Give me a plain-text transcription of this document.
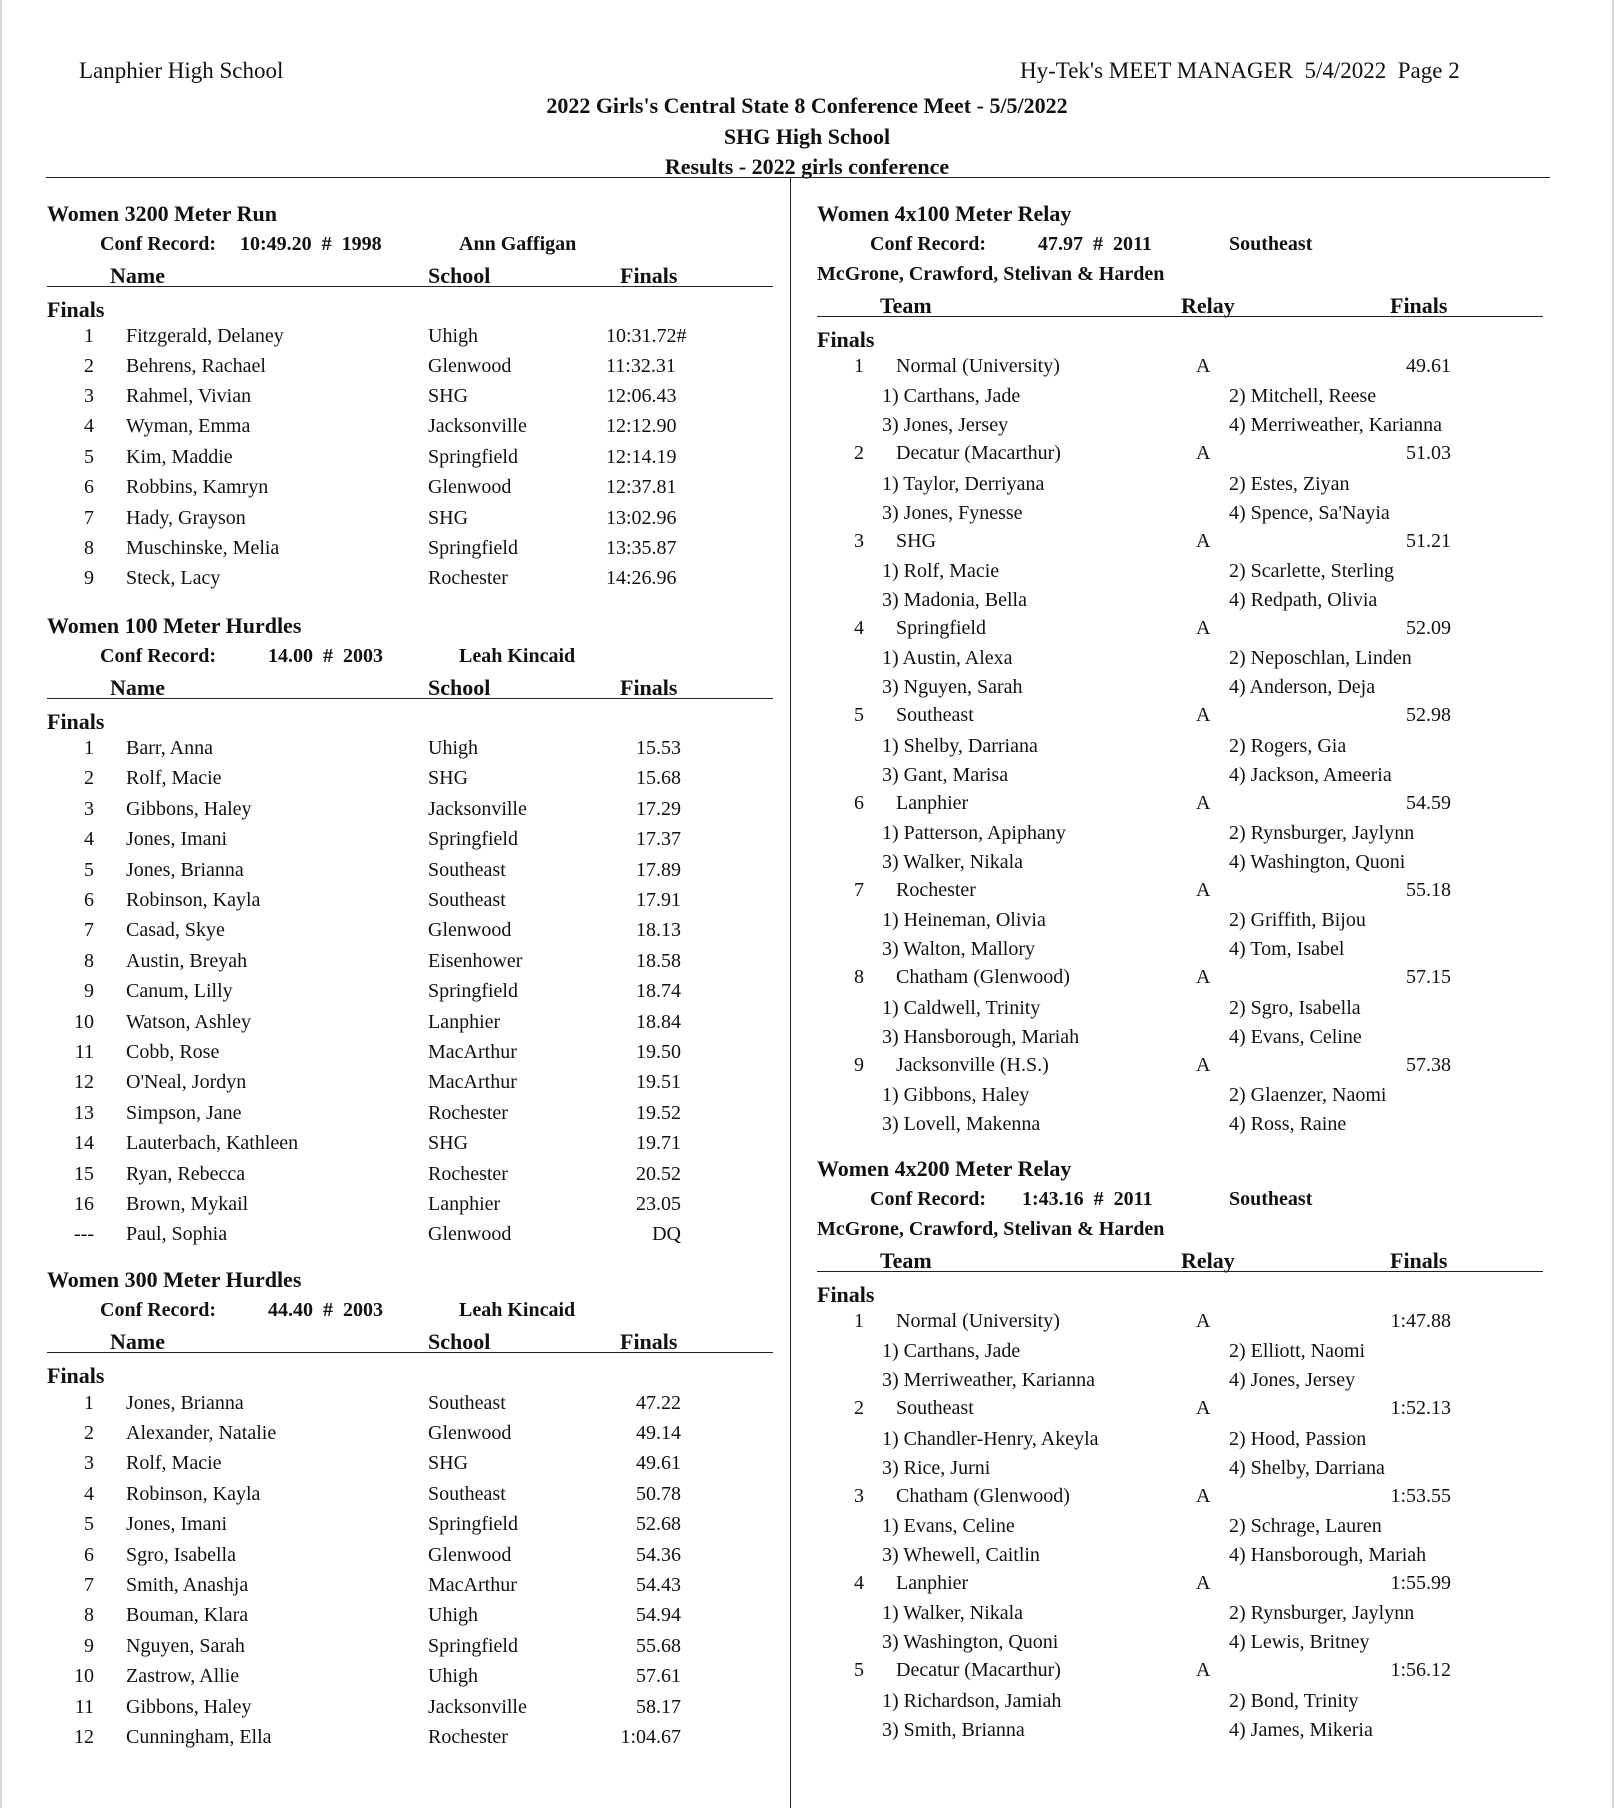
Lanphier High School	Hy-Tek's MEET MANAGER  5/4/2022  Page 2
2022 Girls's Central State 8 Conference Meet - 5/5/2022
SHG High School
Results - 2022 girls conference
Women 3200 Meter Run
Conf Record: 10:49.20  #  1998	Ann Gaffigan
Name	School	Finals
Finals
1 Fitzgerald, Delaney	Uhigh	10:31.72#
2 Behrens, Rachael	Glenwood	11:32.31
3 Rahmel, Vivian	SHG	12:06.43
4 Wyman, Emma	Jacksonville	12:12.90
5 Kim, Maddie	Springfield	12:14.19
6 Robbins, Kamryn	Glenwood	12:37.81
7 Hady, Grayson	SHG	13:02.96
8 Muschinske, Melia	Springfield	13:35.87
9 Steck, Lacy	Rochester	14:26.96
Women 100 Meter Hurdles
Conf Record:	14.00  #  2003	Leah Kincaid
Name	School	Finals
Finals
1 Barr, Anna	Uhigh	15.53
2 Rolf, Macie	SHG	15.68
3 Gibbons, Haley	Jacksonville	17.29
4 Jones, Imani	Springfield	17.37
5 Jones, Brianna	Southeast	17.89
6 Robinson, Kayla	Southeast	17.91
7 Casad, Skye	Glenwood	18.13
8 Austin, Breyah	Eisenhower	18.58
9 Canum, Lilly	Springfield	18.74
10 Watson, Ashley	Lanphier	18.84
11 Cobb, Rose	MacArthur	19.50
12 O'Neal, Jordyn	MacArthur	19.51
13 Simpson, Jane	Rochester	19.52
14 Lauterbach, Kathleen	SHG	19.71
15 Ryan, Rebecca	Rochester	20.52
16 Brown, Mykail	Lanphier	23.05
--- Paul, Sophia	Glenwood	DQ
Women 300 Meter Hurdles
Conf Record:	44.40  #  2003	Leah Kincaid
Name	School	Finals
Finals
1 Jones, Brianna	Southeast	47.22
2 Alexander, Natalie	Glenwood	49.14
3 Rolf, Macie	SHG	49.61
4 Robinson, Kayla	Southeast	50.78
5 Jones, Imani	Springfield	52.68
6 Sgro, Isabella	Glenwood	54.36
7 Smith, Anashja	MacArthur	54.43
8 Bouman, Klara	Uhigh	54.94
9 Nguyen, Sarah	Springfield	55.68
10 Zastrow, Allie	Uhigh	57.61
11 Gibbons, Haley	Jacksonville	58.17
12 Cunningham, Ella	Rochester	1:04.67
Women 4x100 Meter Relay
Conf Record:	47.97  #  2011	Southeast
McGrone, Crawford, Stelivan & Harden
Team	Relay	Finals
Finals
1 Normal (University)	A	49.61
1) Carthans, Jade	2) Mitchell, Reese
3) Jones, Jersey	4) Merriweather, Karianna
2 Decatur (Macarthur)	A	51.03
1) Taylor, Derriyana	2) Estes, Ziyan
3) Jones, Fynesse	4) Spence, Sa'Nayia
3 SHG	A	51.21
1) Rolf, Macie	2) Scarlette, Sterling
3) Madonia, Bella	4) Redpath, Olivia
4 Springfield	A	52.09
1) Austin, Alexa	2) Neposchlan, Linden
3) Nguyen, Sarah	4) Anderson, Deja
5 Southeast	A	52.98
1) Shelby, Darriana	2) Rogers, Gia
3) Gant, Marisa	4) Jackson, Ameeria
6 Lanphier	A	54.59
1) Patterson, Apiphany	2) Rynsburger, Jaylynn
3) Walker, Nikala	4) Washington, Quoni
7 Rochester	A	55.18
1) Heineman, Olivia	2) Griffith, Bijou
3) Walton, Mallory	4) Tom, Isabel
8 Chatham (Glenwood)	A	57.15
1) Caldwell, Trinity	2) Sgro, Isabella
3) Hansborough, Mariah	4) Evans, Celine
9 Jacksonville (H.S.)	A	57.38
1) Gibbons, Haley	2) Glaenzer, Naomi
3) Lovell, Makenna	4) Ross, Raine
Women 4x200 Meter Relay
Conf Record: 1:43.16  #  2011	Southeast
McGrone, Crawford, Stelivan & Harden
Team	Relay	Finals
Finals
1 Normal (University)	A	1:47.88
1) Carthans, Jade	2) Elliott, Naomi
3) Merriweather, Karianna	4) Jones, Jersey
2 Southeast	A	1:52.13
1) Chandler-Henry, Akeyla	2) Hood, Passion
3) Rice, Jurni	4) Shelby, Darriana
3 Chatham (Glenwood)	A	1:53.55
1) Evans, Celine	2) Schrage, Lauren
3) Whewell, Caitlin	4) Hansborough, Mariah
4 Lanphier	A	1:55.99
1) Walker, Nikala	2) Rynsburger, Jaylynn
3) Washington, Quoni	4) Lewis, Britney
5 Decatur (Macarthur)	A	1:56.12
1) Richardson, Jamiah	2) Bond, Trinity
3) Smith, Brianna	4) James, Mikeria
